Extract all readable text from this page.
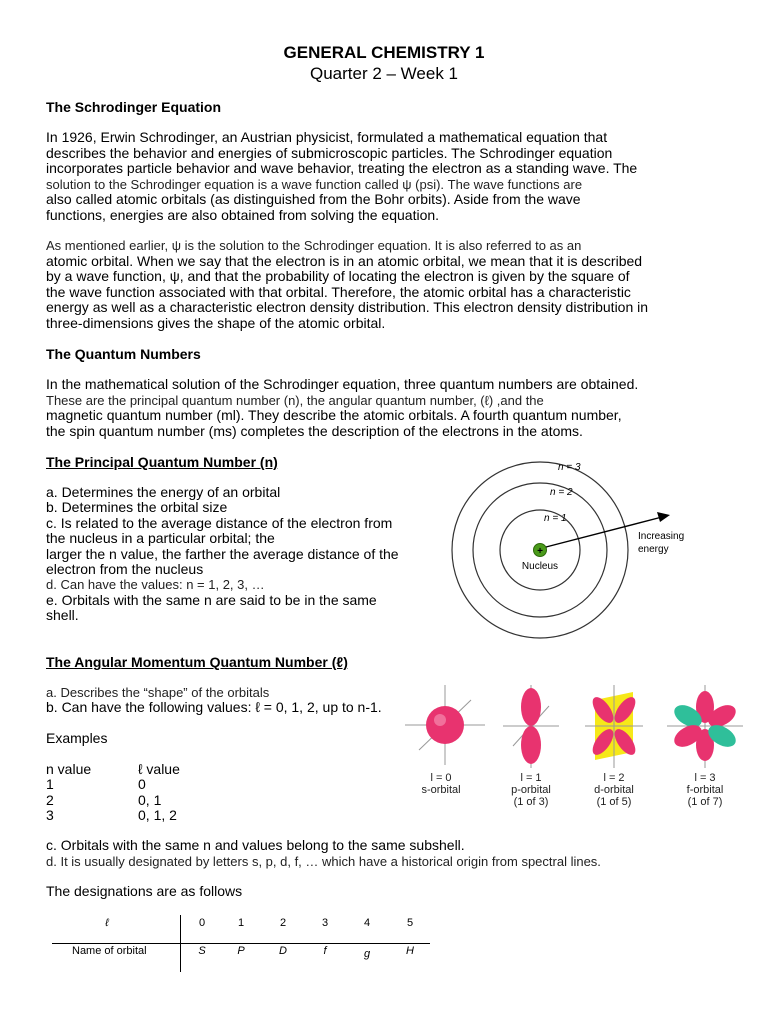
GENERAL CHEMISTRY 1
Quarter 2 – Week 1
The Schrodinger Equation
In 1926, Erwin Schrodinger, an Austrian physicist, formulated a mathematical equation that
describes the behavior and energies of submicroscopic particles. The Schrodinger equation
incorporates particle behavior and wave behavior, treating the electron as a standing wave. The
solution to the Schrodinger equation is a wave function called ψ (psi). The wave functions are
also called atomic orbitals (as distinguished from the Bohr orbits). Aside from the wave
functions, energies are also obtained from solving the equation.
As mentioned earlier, ψ is the solution to the Schrodinger equation. It is also referred to as an
atomic orbital. When we say that the electron is in an atomic orbital, we mean that it is described
by a wave function, ψ, and that the probability of locating the electron is given by the square of
the wave function associated with that orbital. Therefore, the atomic orbital has a characteristic
energy as well as a characteristic electron density distribution. This electron density distribution in
three-dimensions gives the shape of the atomic orbital.
The Quantum Numbers
In the mathematical solution of the Schrodinger equation, three quantum numbers are obtained.
These are the principal quantum number (n), the angular quantum number, (ℓ) ,and the
magnetic quantum number (ml). They describe the atomic orbitals. A fourth quantum number,
the spin quantum number (ms) completes the description of the electrons in the atoms.
The Principal Quantum Number (n)
a. Determines the energy of an orbital
b. Determines the orbital size
c. Is related to the average distance of the electron from
the nucleus in a particular orbital; the
larger the n value, the farther the average distance of the
electron from the nucleus
d. Can have the values: n = 1, 2, 3, …
e. Orbitals with the same n are said to be in the same
shell.
+
Nucleus
n = 1
n = 2
n = 3
Increasing
energy
The Angular Momentum Quantum Number (ℓ)
a. Describes the “shape” of the orbitals
b. Can have the following values: ℓ = 0, 1, 2, up to n-1.
Examples
n value	ℓ value
1	0
2	0, 1
3	0, 1, 2
l = 0
s-orbital
l = 1
p-orbital
(1 of 3)
l = 2
d-orbital
(1 of 5)
l = 3
f-orbital
(1 of 7)
c. Orbitals with the same n and values belong to the same subshell.
d. It is usually designated by letters s, p, d, f, … which have a historical origin from spectral lines.
The designations are as follows
ℓ	0	1	2	3	4	5
Name of orbital	S	P	D	f	g	H
